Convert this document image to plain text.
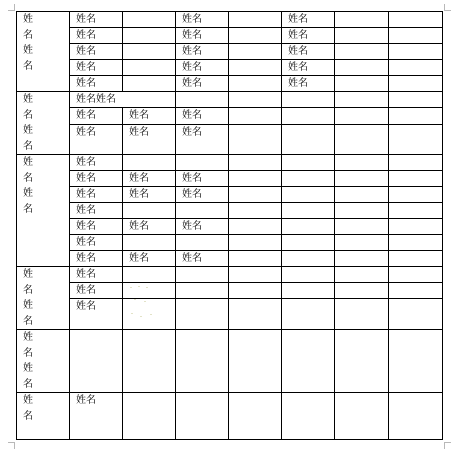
姓
名
姓
名	姓名		姓名		姓名		
	姓名		姓名		姓名		
	姓名		姓名		姓名		
	姓名		姓名		姓名		
	姓名		姓名		姓名		

姓
名
姓
名	姓名姓名						
	姓名	姓名	姓名				
	姓名	姓名	姓名				

姓
名
姓
名	姓名						
	姓名	姓名	姓名				
	姓名	姓名	姓名				
	姓名						
	姓名	姓名	姓名				
	姓名						
	姓名	姓名	姓名				

姓
名
姓
名	姓名						
	姓名						
	姓名						

姓
名
姓
名							

姓
名	姓名						
